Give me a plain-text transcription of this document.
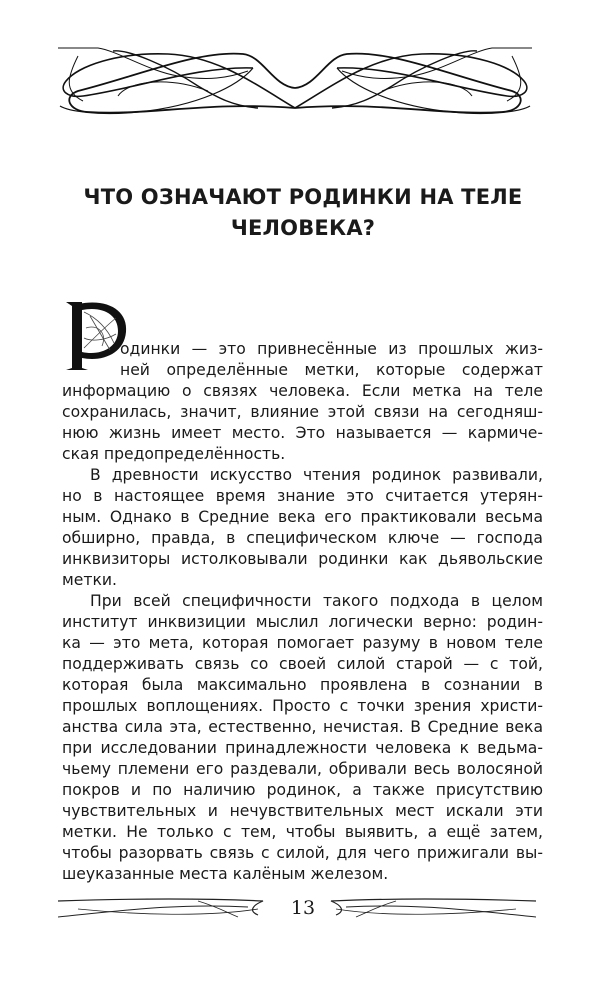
ЧТО ОЗНАЧАЮТ РОДИНКИ НА ТЕЛЕ
ЧЕЛОВЕКА?
одинки — это привнесённые из прошлых жиз-
ней определённые метки, которые содержат
информацию о связях человека. Если метка на теле
сохранилась, значит, влияние этой связи на сегодняш-
нюю жизнь имеет место. Это называется — кармиче-
ская предопределённость.
В древности искусство чтения родинок развивали,
но в настоящее время знание это считается утерян-
ным. Однако в Средние века его практиковали весьма
обширно, правда, в специфическом ключе — господа
инквизиторы истолковывали родинки как дьявольские
метки.
При всей специфичности такого подхода в целом
институт инквизиции мыслил логически верно: родин-
ка — это мета, которая помогает разуму в новом теле
поддерживать связь со своей силой старой — с той,
которая была максимально проявлена в сознании в
прошлых воплощениях. Просто с точки зрения христи-
анства сила эта, естественно, нечистая. В Средние века
при исследовании принадлежности человека к ведьма-
чьему племени его раздевали, обривали весь волосяной
покров и по наличию родинок, а также присутствию
чувствительных и нечувствительных мест искали эти
метки. Не только с тем, чтобы выявить, а ещё затем,
чтобы разорвать связь с силой, для чего прижигали вы-
шеуказанные места калёным железом.
13
